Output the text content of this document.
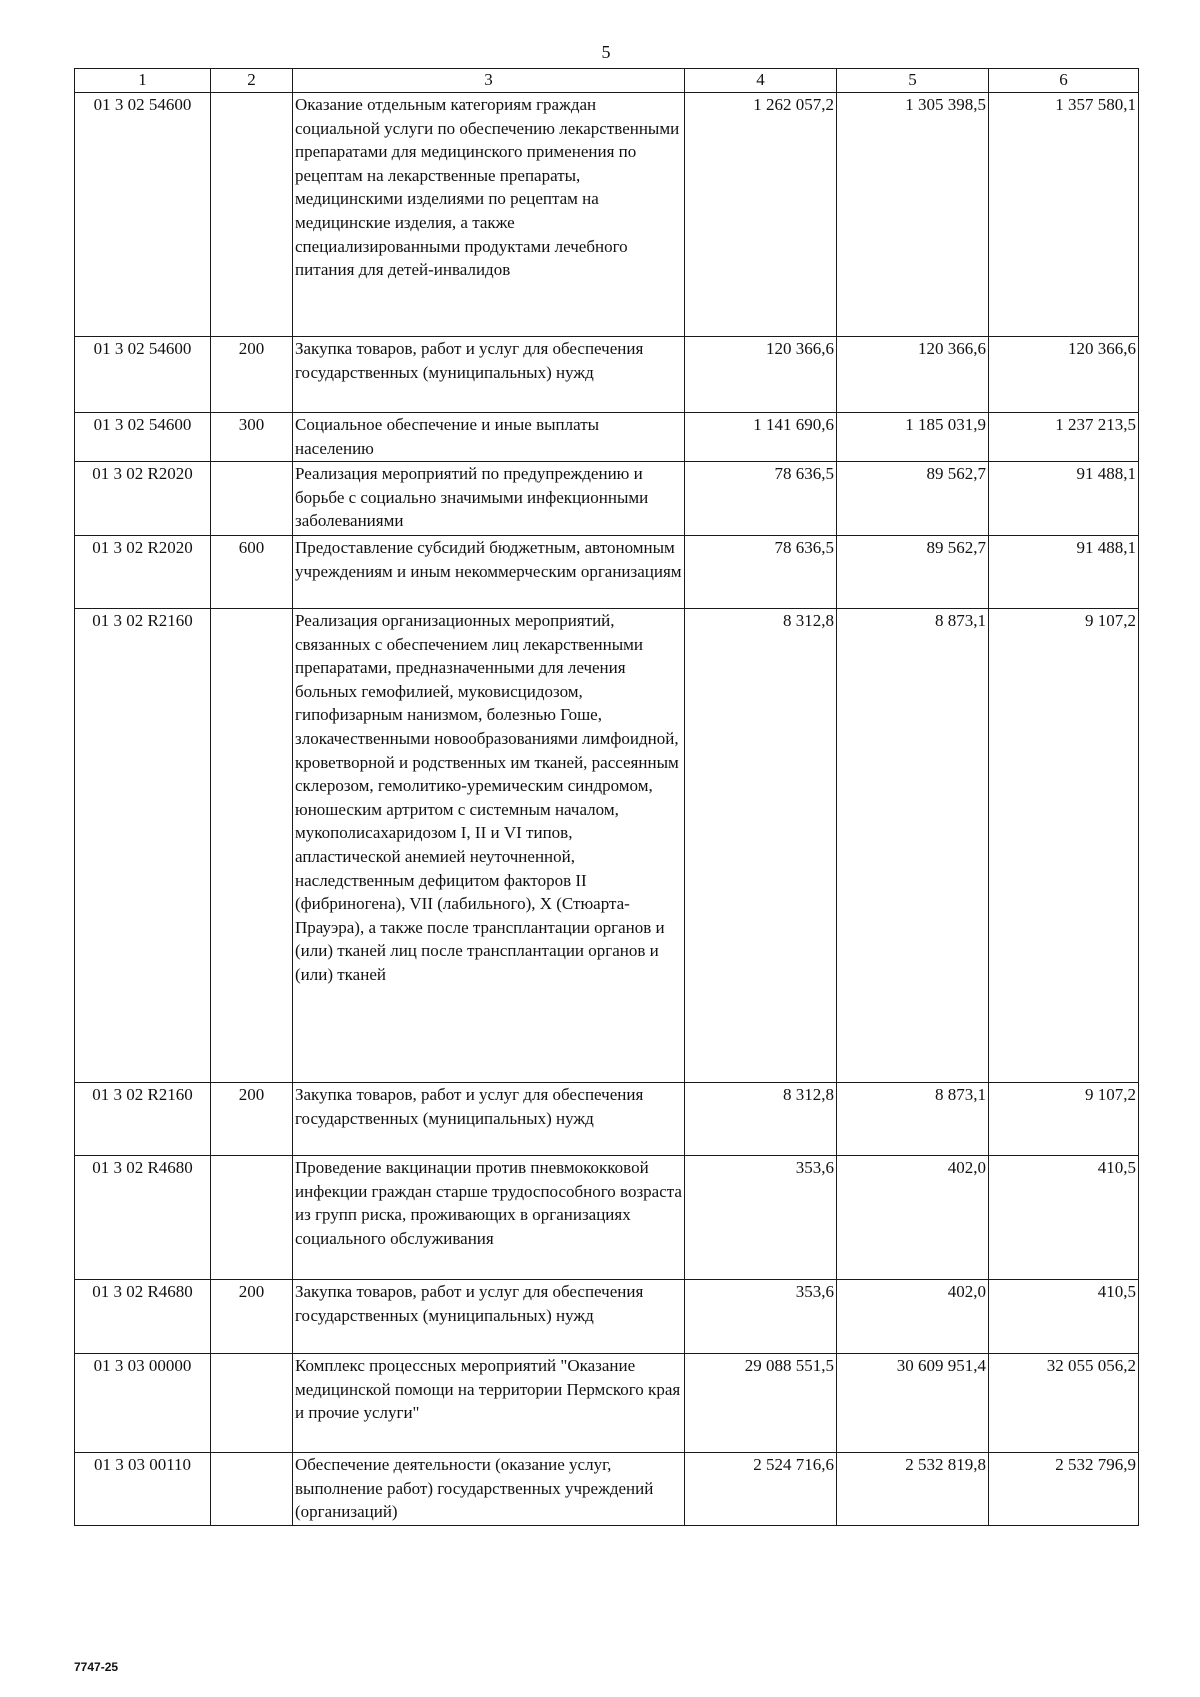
5
1	2	3	4	5	6
01 3 02 54600		Оказание отдельным категориям граждан социальной услуги по обеспечению лекарственными препаратами для медицинского применения по рецептам на лекарственные препараты, медицинскими изделиями по рецептам на медицинские изделия, а также специализированными продуктами лечебного питания для детей-инвалидов	1 262 057,2	1 305 398,5	1 357 580,1
01 3 02 54600	200	Закупка товаров, работ и услуг для обеспечения государственных (муниципальных) нужд	120 366,6	120 366,6	120 366,6
01 3 02 54600	300	Социальное обеспечение и иные выплаты населению	1 141 690,6	1 185 031,9	1 237 213,5
01 3 02 R2020		Реализация мероприятий по предупреждению и борьбе с социально значимыми инфекционными заболеваниями	78 636,5	89 562,7	91 488,1
01 3 02 R2020	600	Предоставление субсидий бюджетным, автономным учреждениям и иным некоммерческим организациям	78 636,5	89 562,7	91 488,1
01 3 02 R2160		Реализация организационных мероприятий, связанных с обеспечением лиц лекарственными препаратами, предназначенными для лечения больных гемофилией, муковисцидозом, гипофизарным нанизмом, болезнью Гоше, злокачественными новообразованиями лимфоидной, кроветворной и родственных им тканей, рассеянным склерозом, гемолитико-уремическим синдромом, юношеским артритом с системным началом, мукополисахаридозом I, II и VI типов, апластической анемией неуточненной, наследственным дефицитом факторов II (фибриногена), VII (лабильного), X (Стюарта-Прауэра), а также после трансплантации органов и (или) тканей лиц после трансплантации органов и (или) тканей	8 312,8	8 873,1	9 107,2
01 3 02 R2160	200	Закупка товаров, работ и услуг для обеспечения государственных (муниципальных) нужд	8 312,8	8 873,1	9 107,2
01 3 02 R4680		Проведение вакцинации против пневмококковой инфекции граждан старше трудоспособного возраста из групп риска, проживающих в организациях социального обслуживания	353,6	402,0	410,5
01 3 02 R4680	200	Закупка товаров, работ и услуг для обеспечения государственных (муниципальных) нужд	353,6	402,0	410,5
01 3 03 00000		Комплекс процессных мероприятий "Оказание медицинской помощи на территории Пермского края и прочие услуги"	29 088 551,5	30 609 951,4	32 055 056,2
01 3 03 00110		Обеспечение деятельности (оказание услуг, выполнение работ) государственных учреждений (организаций)	2 524 716,6	2 532 819,8	2 532 796,9
7747-25
